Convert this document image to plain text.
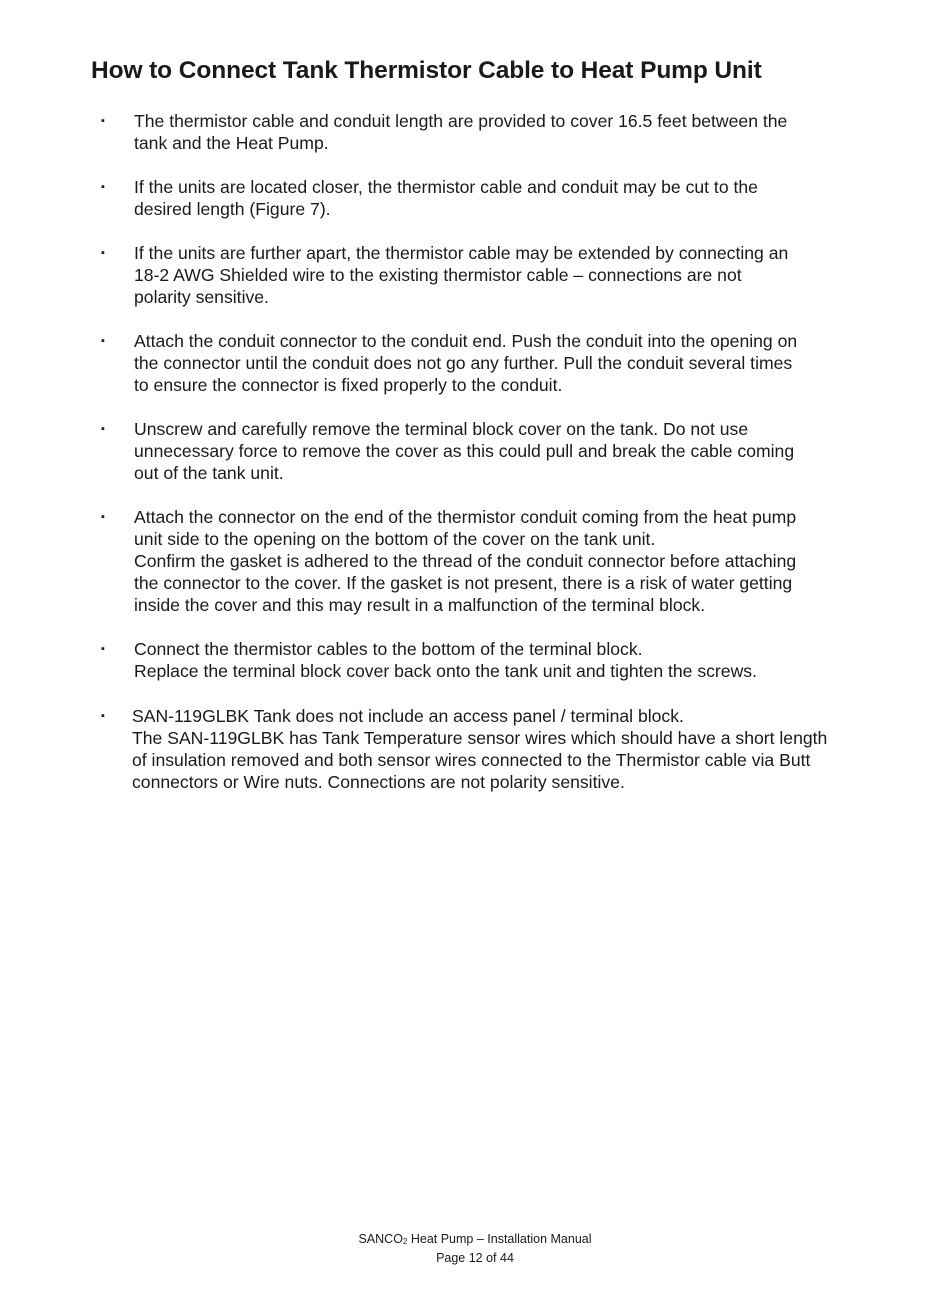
How to Connect Tank Thermistor Cable to Heat Pump Unit
▪ The thermistor cable and conduit length are provided to cover 16.5 feet between the
tank and the Heat Pump.
▪ If the units are located closer, the thermistor cable and conduit may be cut to the
desired length (Figure 7).
▪ If the units are further apart, the thermistor cable may be extended by connecting an
18-2 AWG Shielded wire to the existing thermistor cable – connections are not
polarity sensitive.
▪ Attach the conduit connector to the conduit end. Push the conduit into the opening on
the connector until the conduit does not go any further. Pull the conduit several times
to ensure the connector is fixed properly to the conduit.
▪ Unscrew and carefully remove the terminal block cover on the tank. Do not use
unnecessary force to remove the cover as this could pull and break the cable coming
out of the tank unit.
▪ Attach the connector on the end of the thermistor conduit coming from the heat pump
unit side to the opening on the bottom of the cover on the tank unit.
Confirm the gasket is adhered to the thread of the conduit connector before attaching
the connector to the cover. If the gasket is not present, there is a risk of water getting
inside the cover and this may result in a malfunction of the terminal block.
▪ Connect the thermistor cables to the bottom of the terminal block.
Replace the terminal block cover back onto the tank unit and tighten the screws.
▪ SAN-119GLBK Tank does not include an access panel / terminal block.
The SAN-119GLBK has Tank Temperature sensor wires which should have a short length
of insulation removed and both sensor wires connected to the Thermistor cable via Butt
connectors or Wire nuts. Connections are not polarity sensitive.
SANCO2 Heat Pump – Installation Manual
Page 12 of 44
